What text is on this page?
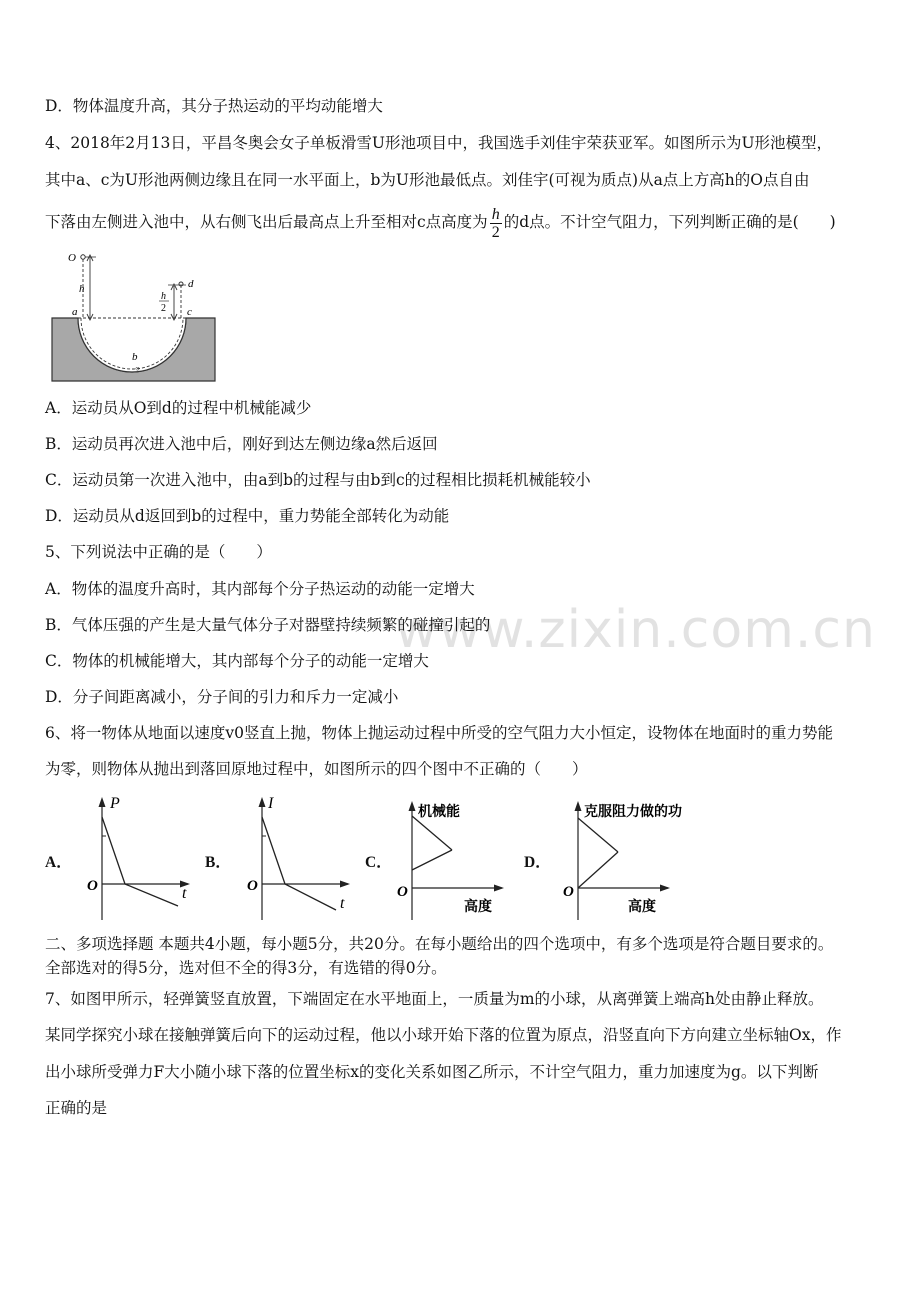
www.zixin.com.cn
D．物体温度升高，其分子热运动的平均动能增大
4、2018年2月13日，平昌冬奥会女子单板滑雪U形池项目中，我国选手刘佳宇荣获亚军。如图所示为U形池模型，
其中a、c为U形池两侧边缘且在同一水平面上，b为U形池最低点。刘佳宇(可视为质点)从a点上方高h的O点自由
下落由左侧进入池中，从右侧飞出后最高点上升至相对c点高度为 $\frac{h}{2}$ 的d点。不计空气阻力，下列判断正确的是(　　)
O
h
a	c
d
b
h
2
○
A．运动员从O到d的过程中机械能减少
B．运动员再次进入池中后，刚好到达左侧边缘a然后返回
C．运动员第一次进入池中，由a到b的过程与由b到c的过程相比损耗机械能较小
D．运动员从d返回到b的过程中，重力势能全部转化为动能
5、下列说法中正确的是（　　）
A．物体的温度升高时，其内部每个分子热运动的动能一定增大
B．气体压强的产生是大量气体分子对器壁持续频繁的碰撞引起的
C．物体的机械能增大，其内部每个分子的动能一定增大
D．分子间距离减小，分子间的引力和斥力一定减小
6、将一物体从地面以速度v0竖直上抛，物体上抛运动过程中所受的空气阻力大小恒定，设物体在地面时的重力势能
为零，则物体从抛出到落回原地过程中，如图所示的四个图中不正确的（　　）
A．
P
t
O
B．
I
t
O
C．
机械能
高度
O
D．
克服阻力做的功
高度
O
二、多项选择题 本题共4小题，每小题5分，共20分。在每小题给出的四个选项中，有多个选项是符合题目要求的。
全部选对的得5分，选对但不全的得3分，有选错的得0分。
7、如图甲所示，轻弹簧竖直放置，下端固定在水平地面上，一质量为m的小球，从离弹簧上端高h处由静止释放。
某同学探究小球在接触弹簧后向下的运动过程，他以小球开始下落的位置为原点，沿竖直向下方向建立坐标轴Ox，作
出小球所受弹力F大小随小球下落的位置坐标x的变化关系如图乙所示，不计空气阻力，重力加速度为g。以下判断
正确的是
